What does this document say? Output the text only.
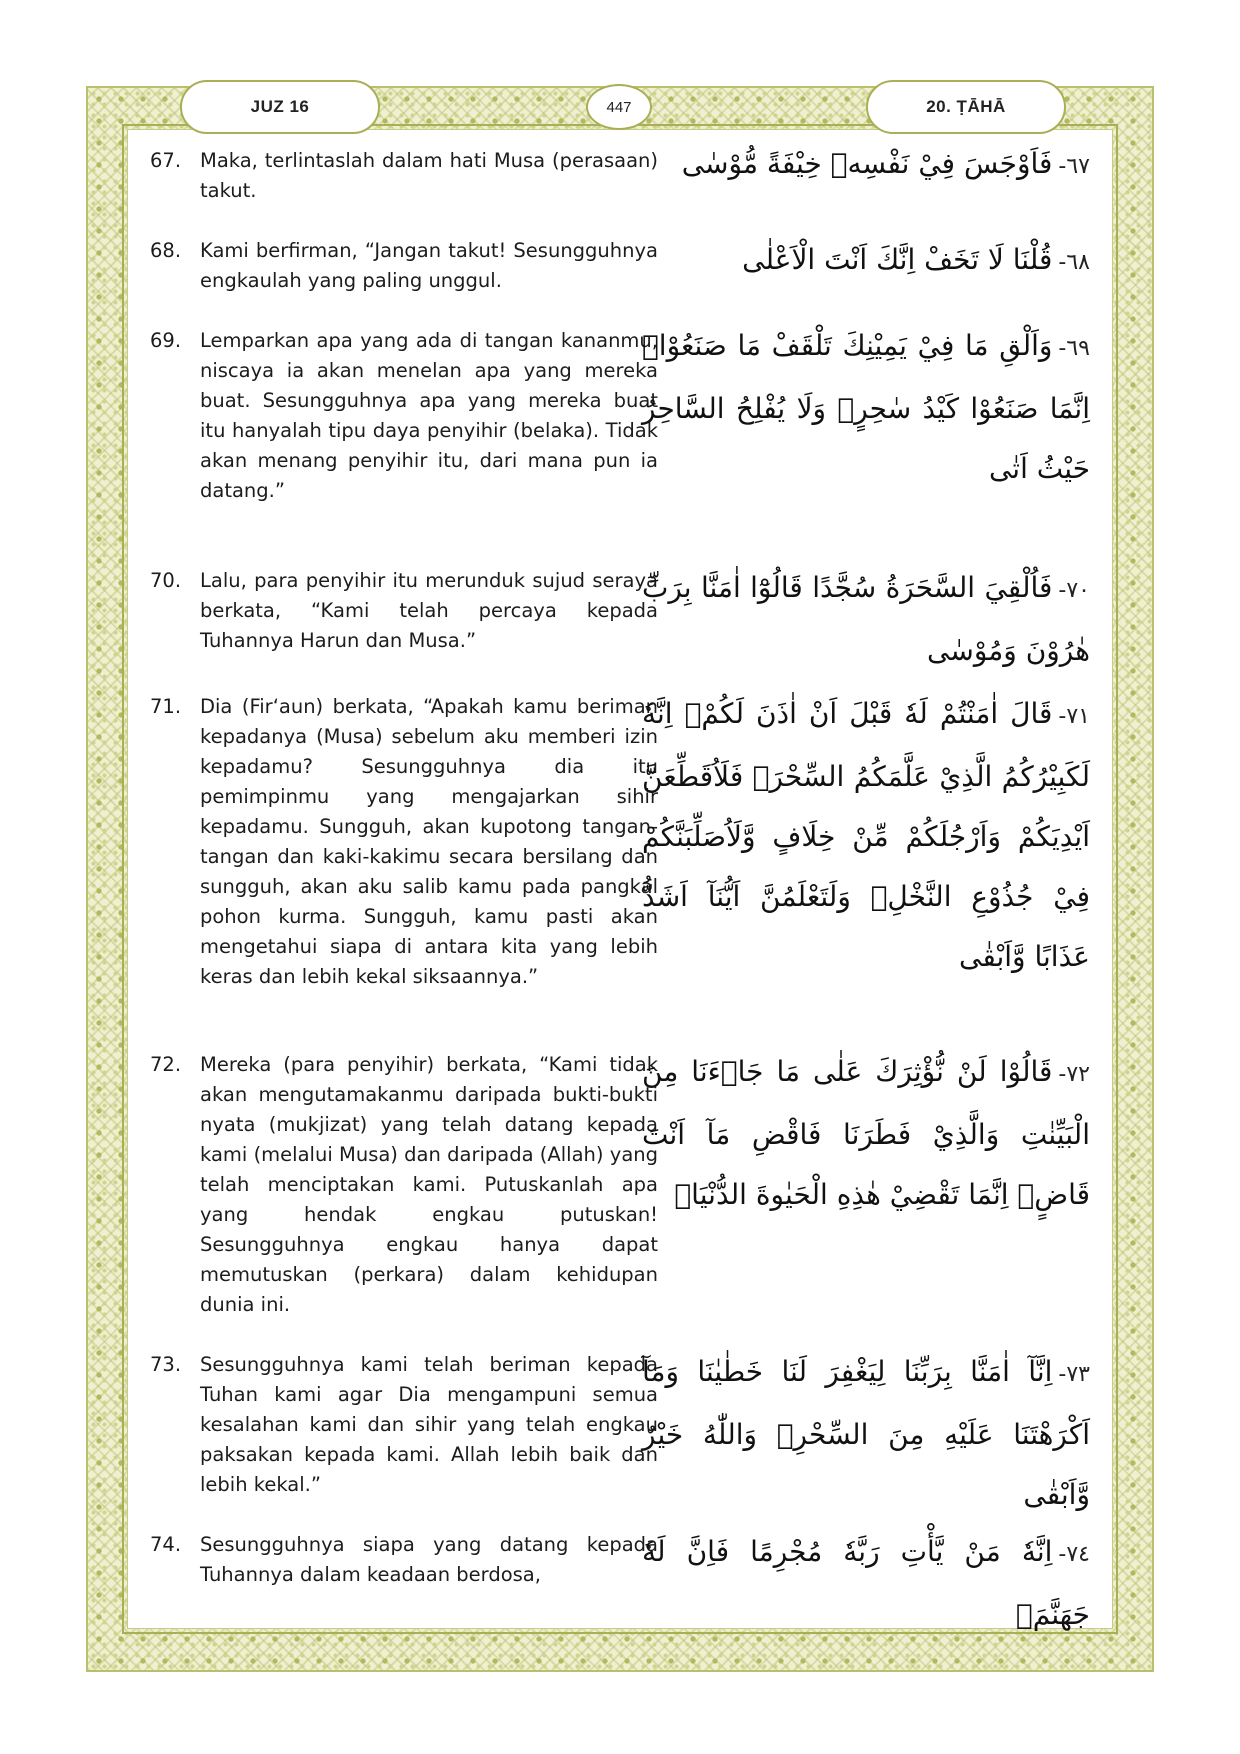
JUZ 16	447	20. ṬĀHĀ
67. Maka, terlintaslah dalam hati Musa (perasaan) takut.
٦٧-فَاَوْجَسَ فِيْ نَفْسِهٖ خِيْفَةً مُّوْسٰى
68. Kami berfirman, “Jangan takut! Sesungguhnya engkaulah yang paling unggul.
٦٨-قُلْنَا لَا تَخَفْ اِنَّكَ اَنْتَ الْاَعْلٰى
69. Lemparkan apa yang ada di tangan kananmu, niscaya ia akan menelan apa yang mereka buat. Sesungguhnya apa yang mereka buat itu hanyalah tipu daya penyihir (belaka). Tidak akan menang penyihir itu, dari mana pun ia datang.”
٦٩-وَاَلْقِ مَا فِيْ يَمِيْنِكَ تَلْقَفْ مَا صَنَعُوْاۗ اِنَّمَا صَنَعُوْا كَيْدُ سٰحِرٍۗ وَلَا يُفْلِحُ السَّاحِرُ حَيْثُ اَتٰى
70. Lalu, para penyihir itu merunduk sujud seraya berkata, “Kami telah percaya kepada Tuhannya Harun dan Musa.”
٧٠-فَاُلْقِيَ السَّحَرَةُ سُجَّدًا قَالُوْٓا اٰمَنَّا بِرَبِّ هٰرُوْنَ وَمُوْسٰى
71. Dia (Fir‘aun) berkata, “Apakah kamu beriman kepadanya (Musa) sebelum aku memberi izin kepadamu? Sesungguhnya dia itu pemimpinmu yang mengajarkan sihir kepadamu. Sungguh, akan kupotong tangan-tangan dan kaki-kakimu secara bersilang dan sungguh, akan aku salib kamu pada pangkal pohon kurma. Sungguh, kamu pasti akan mengetahui siapa di antara kita yang lebih keras dan lebih kekal siksaannya.”
٧١-قَالَ اٰمَنْتُمْ لَهٗ قَبْلَ اَنْ اٰذَنَ لَكُمْۗ اِنَّهٗ لَكَبِيْرُكُمُ الَّذِيْ عَلَّمَكُمُ السِّحْرَۚ فَلَاُقَطِّعَنَّ اَيْدِيَكُمْ وَاَرْجُلَكُمْ مِّنْ خِلَافٍ وَّلَاُصَلِّبَنَّكُمْ فِيْ جُذُوْعِ النَّخْلِۖ وَلَتَعْلَمُنَّ اَيُّنَآ اَشَدُّ عَذَابًا وَّاَبْقٰى
72. Mereka (para penyihir) berkata, “Kami tidak akan mengutamakanmu daripada bukti-bukti nyata (mukjizat) yang telah datang kepada kami (melalui Musa) dan daripada (Allah) yang telah menciptakan kami. Putuskanlah apa yang hendak engkau putuskan! Sesungguhnya engkau hanya dapat memutuskan (perkara) dalam kehidupan dunia ini.
٧٢-قَالُوْا لَنْ نُّؤْثِرَكَ عَلٰى مَا جَاۤءَنَا مِنَ الْبَيِّنٰتِ وَالَّذِيْ فَطَرَنَا فَاقْضِ مَآ اَنْتَ قَاضٍۗ اِنَّمَا تَقْضِيْ هٰذِهِ الْحَيٰوةَ الدُّنْيَاۗ
73. Sesungguhnya kami telah beriman kepada Tuhan kami agar Dia mengampuni semua kesalahan kami dan sihir yang telah engkau paksakan kepada kami. Allah lebih baik dan lebih kekal.”
٧٣-اِنَّآ اٰمَنَّا بِرَبِّنَا لِيَغْفِرَ لَنَا خَطٰيٰنَا وَمَآ اَكْرَهْتَنَا عَلَيْهِ مِنَ السِّحْرِۗ وَاللّٰهُ خَيْرٌ وَّاَبْقٰى
74. Sesungguhnya siapa yang datang kepada Tuhannya dalam keadaan berdosa,
٧٤-اِنَّهٗ مَنْ يَّأْتِ رَبَّهٗ مُجْرِمًا فَاِنَّ لَهٗ جَهَنَّمَۗ
